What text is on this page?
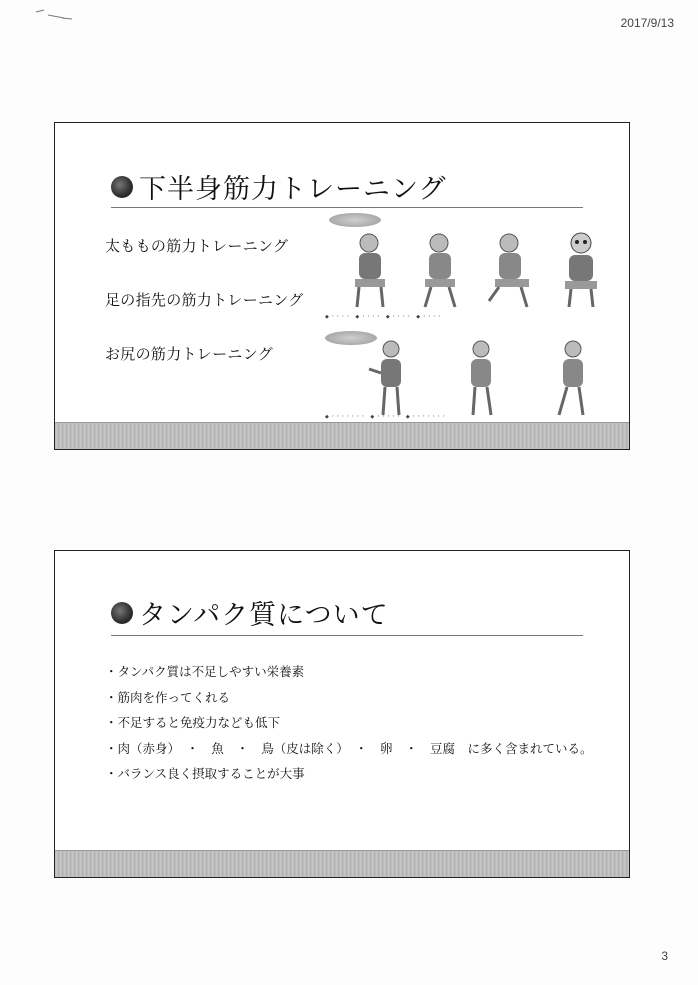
2017/9/13
下半身筋力トレーニング
太ももの筋力トレーニング
足の指先の筋力トレーニング
お尻の筋力トレーニング
◆ ・・・・　◆ ・・・・　◆ ・・・・　◆ ・・・・
◆ ・・・・・・・　◆ ・・・・・　◆ ・・・・・・・
タンパク質について
・タンパク質は不足しやすい栄養素
・筋肉を作ってくれる
・不足すると免疫力なども低下
・肉（赤身）　・　魚　・　鳥（皮は除く）　・　卵　・　豆腐　に多く含まれている。
・バランス良く摂取することが大事
3
